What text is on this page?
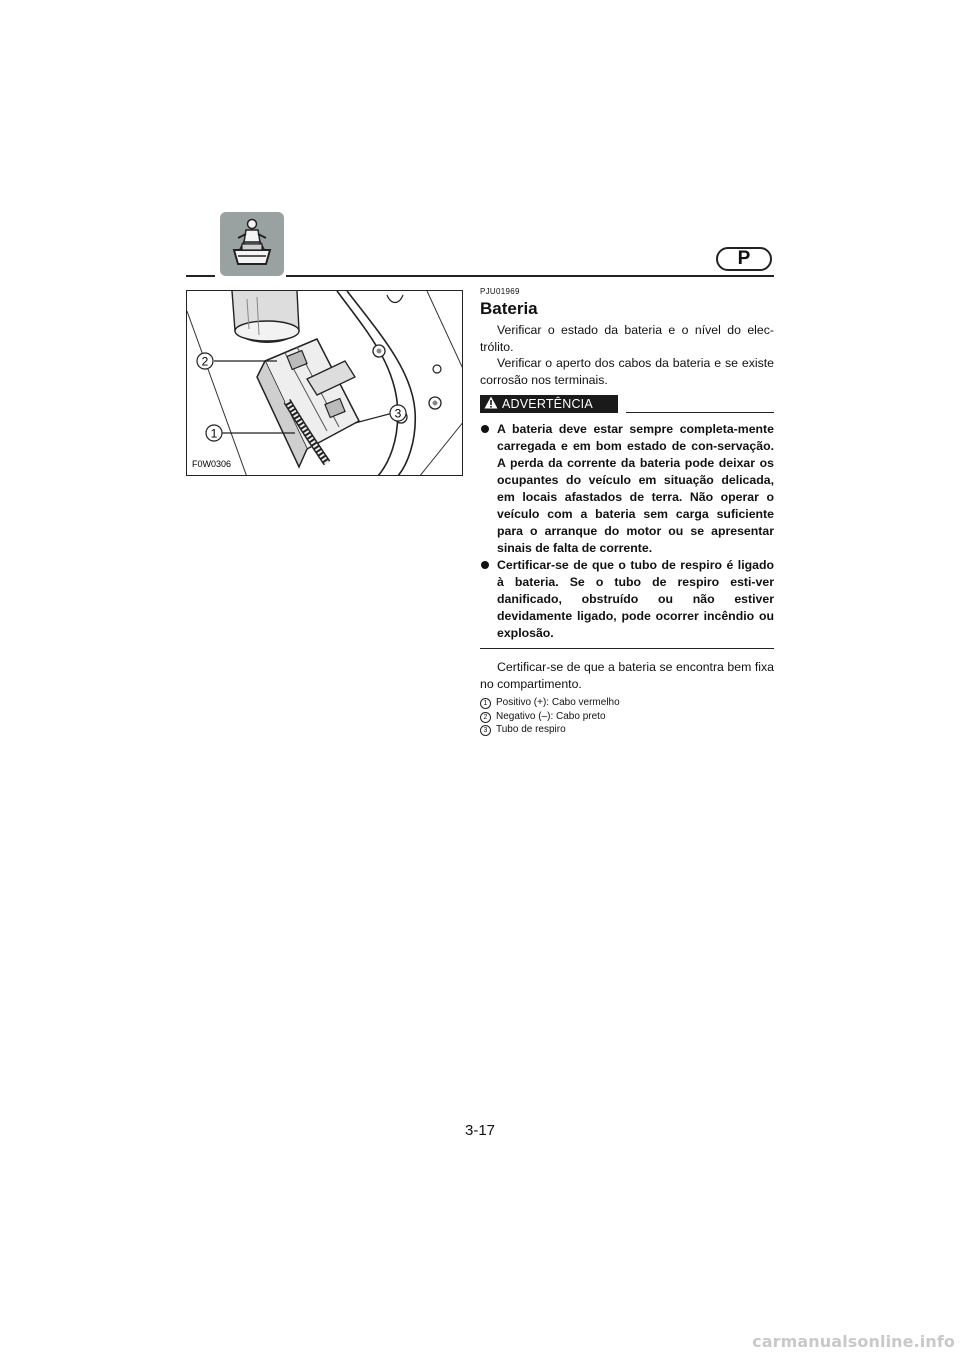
P
2
1
3
F0W0306

PJU01969

Bateria

Verificar o estado da bateria e o nível do elec-trólito.

Verificar o aperto dos cabos da bateria e se existe corrosão nos terminais.

ADVERTÊNCIA
A bateria deve estar sempre completa-mente carregada e em bom estado de con-servação. A perda da corrente da bateria pode deixar os ocupantes do veículo em situação delicada, em locais afastados de terra. Não operar o veículo com a bateria sem carga suficiente para o arranque do motor ou se apresentar sinais de falta de corrente.
Certificar-se de que o tubo de respiro é ligado à bateria. Se o tubo de respiro esti-ver danificado, obstruído ou não estiver devidamente ligado, pode ocorrer incêndio ou explosão.

Certificar-se de que a bateria se encontra bem fixa no compartimento.

1 Positivo (+): Cabo vermelho
2 Negativo (–): Cabo preto
3 Tubo de respiro
3-17
carmanualsonline.info
